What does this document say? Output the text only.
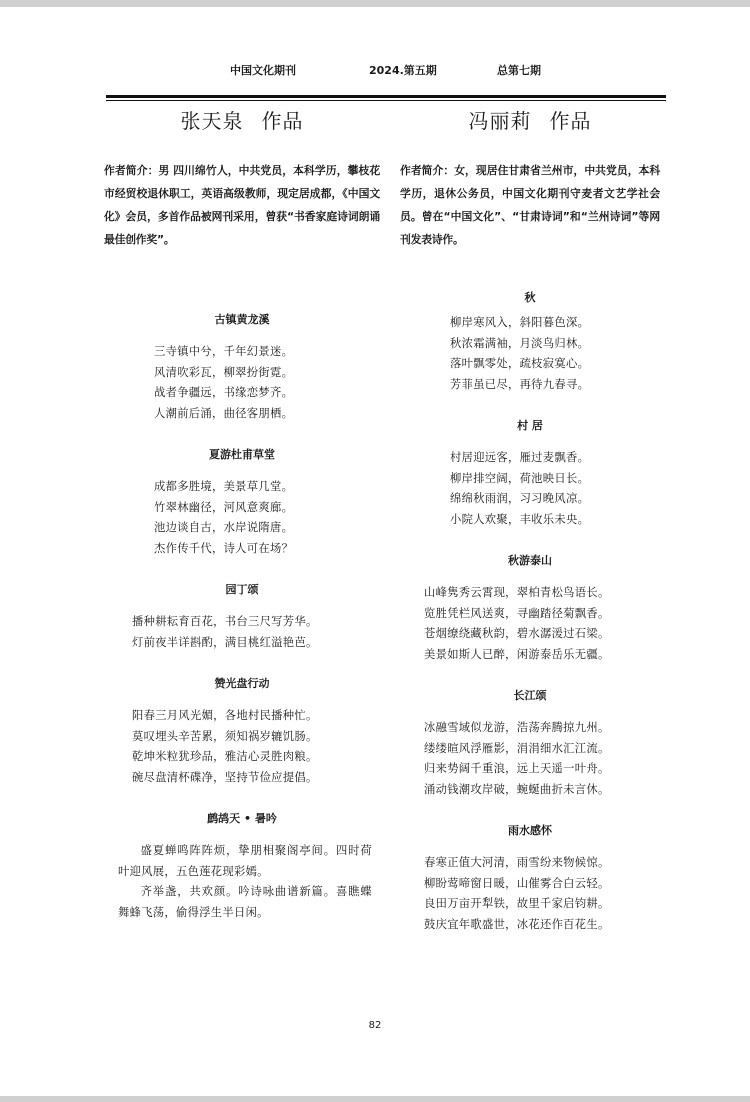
中国文化期刊	2024.第五期	总第七期
张天泉 作品
作者简介：男 四川绵竹人，中共党员，本科学历，攀枝花市经贸校退休职工，英语高级教师，现定居成都，《中国文化》会员，多首作品被网刊采用，曾获“书香家庭诗词朗诵最佳创作奖”。
古镇黄龙溪
三寺镇中兮，千年幻景迷。
风清吹彩瓦，柳翠扮街霓。
战者争疆远，书缘恋梦齐。
人潮前后涌，曲径客朋栖。
夏游杜甫草堂
成都多胜境，美景草几堂。
竹翠林幽径，河风意爽廊。
池边谈自古，水岸说隋唐。
杰作传千代，诗人可在场？
园丁颂
播种耕耘育百花，书台三尺写芳华。
灯前夜半详斟酌，满目桃红溢艳芭。
赞光盘行动
阳春三月风光媚，各地村民播种忙。
莫叹埋头辛苦累，须知祸岁辘饥肠。
乾坤米粒犹珍品，雅洁心灵胜肉粮。
碗尽盘清杯碟净，坚持节俭应提倡。
鹧鸪天 • 暑吟
盛夏蝉鸣阵阵烦，挚朋相聚阁亭间。四时荷叶迎风展，五色莲花现彩嫣。
齐举盏，共欢颜。吟诗咏曲谱新篇。喜瞧蝶舞蜂飞荡，偷得浮生半日闲。
冯丽莉 作品
作者简介：女，现居住甘肃省兰州市，中共党员，本科学历，退休公务员，中国文化期刊守麦者文艺学社会员。曾在“中国文化”、“甘肃诗词”和“兰州诗词”等网刊发表诗作。
秋
柳岸寒风入，斜阳暮色深。
秋浓霜满袖，月淡鸟归林。
落叶飘零处，疏枝寂寞心。
芳菲虽已尽，再待九春寻。
村 居
村居迎远客，雁过麦飘香。
柳岸排空阔，荷池映日长。
绵绵秋雨润，习习晚风凉。
小院人欢聚，丰收乐未央。
秋游泰山
山峰隽秀云霄现，翠柏青松鸟语长。
览胜凭栏风送爽，寻幽踏径菊飘香。
苍烟缭绕藏秋韵，碧水潺湲过石梁。
美景如斯人已醉，闲游泰岳乐无疆。
长江颂
冰融雪域似龙游，浩荡奔腾掠九州。
缕缕暄风浮雁影，涓涓细水汇江流。
归来势阔千重浪，远上天遥一叶舟。
涌动钱潮攻岸破，蜿蜒曲折未言休。
雨水感怀
春寒正值大河清，雨雪纷来物候惊。
柳盼莺啼窗日暖，山催雾合白云轻。
良田万亩开犁铁，故里千家启钧耕。
鼓庆宜年歌盛世，冰花还作百花生。
82
